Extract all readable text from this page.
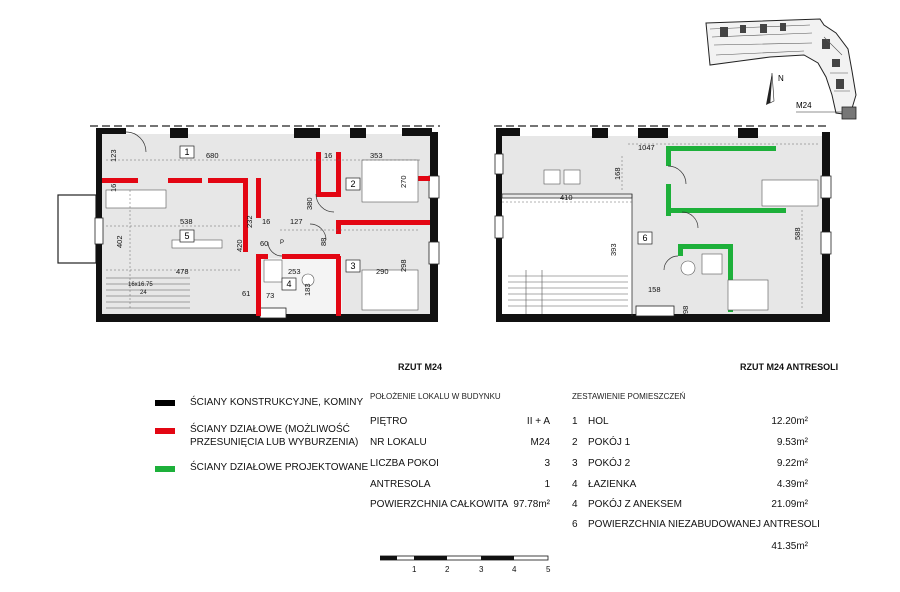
M24
N
1
2
3
4
5
680	353
123	16
16	270
538	232 16	127
380
402	420 60	88
253	290 298
478
183
61 73
16x16.75
24
P	6
1047
168
410
393
588
158
98
RZUT M24	RZUT M24 ANTRESOLI
ŚCIANY KONSTRUKCYJNE, KOMINY
ŚCIANY DZIAŁOWE (MOŻLIWOŚĆ PRZESUNIĘCIA LUB WYBURZENIA)
ŚCIANY DZIAŁOWE PROJEKTOWANE
POŁOŻENIE LOKALU W BUDYNKU
PIĘTRO	II + A
NR LOKALU	M24
LICZBA POKOI	3
ANTRESOLA	1
POWIERZCHNIA CAŁKOWITA 97.78m²
ZESTAWIENIE POMIESZCZEŃ
1 HOL	12.20m²
2 POKÓJ 1	9.53m²
3 POKÓJ 2	9.22m²
4 ŁAZIENKA	4.39m²
4 POKÓJ Z ANEKSEM	21.09m²
6 POWIERZCHNIA NIEZABUDOWANEJ ANTRESOLI
41.35m²
1	2	3	4	5
